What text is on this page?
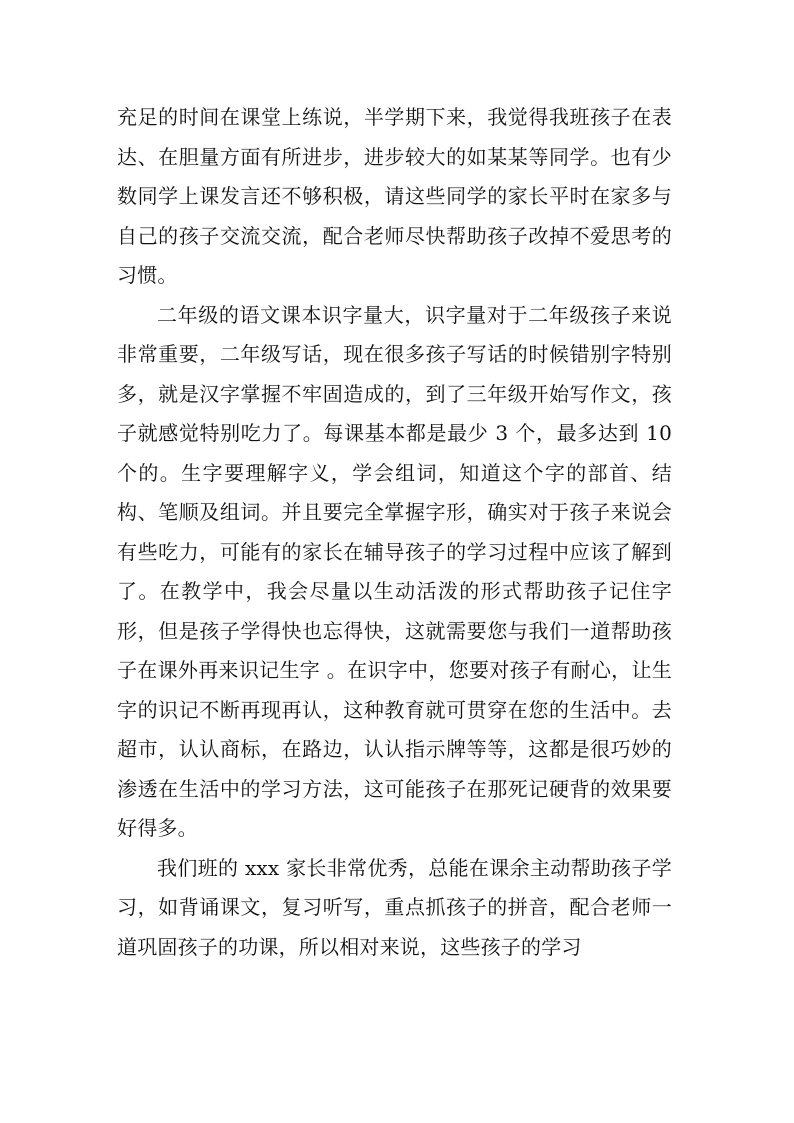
充足的时间在课堂上练说，半学期下来，我觉得我班孩子在表达、在胆量方面有所进步，进步较大的如某某等同学。也有少数同学上课发言还不够积极，请这些同学的家长平时在家多与自己的孩子交流交流，配合老师尽快帮助孩子改掉不爱思考的习惯。

二年级的语文课本识字量大，识字量对于二年级孩子来说非常重要，二年级写话，现在很多孩子写话的时候错别字特别多，就是汉字掌握不牢固造成的，到了三年级开始写作文，孩子就感觉特别吃力了。每课基本都是最少 3 个，最多达到 10 个的。生字要理解字义，学会组词，知道这个字的部首、结构、笔顺及组词。并且要完全掌握字形，确实对于孩子来说会有些吃力，可能有的家长在辅导孩子的学习过程中应该了解到了。在教学中，我会尽量以生动活泼的形式帮助孩子记住字形，但是孩子学得快也忘得快，这就需要您与我们一道帮助孩子在课外再来识记生字 。在识字中，您要对孩子有耐心，让生字的识记不断再现再认，这种教育就可贯穿在您的生活中。去超市，认认商标，在路边，认认指示牌等等，这都是很巧妙的渗透在生活中的学习方法，这可能孩子在那死记硬背的效果要好得多。

我们班的 xxx 家长非常优秀，总能在课余主动帮助孩子学习，如背诵课文，复习听写，重点抓孩子的拼音，配合老师一道巩固孩子的功课，所以相对来说，这些孩子的学习
